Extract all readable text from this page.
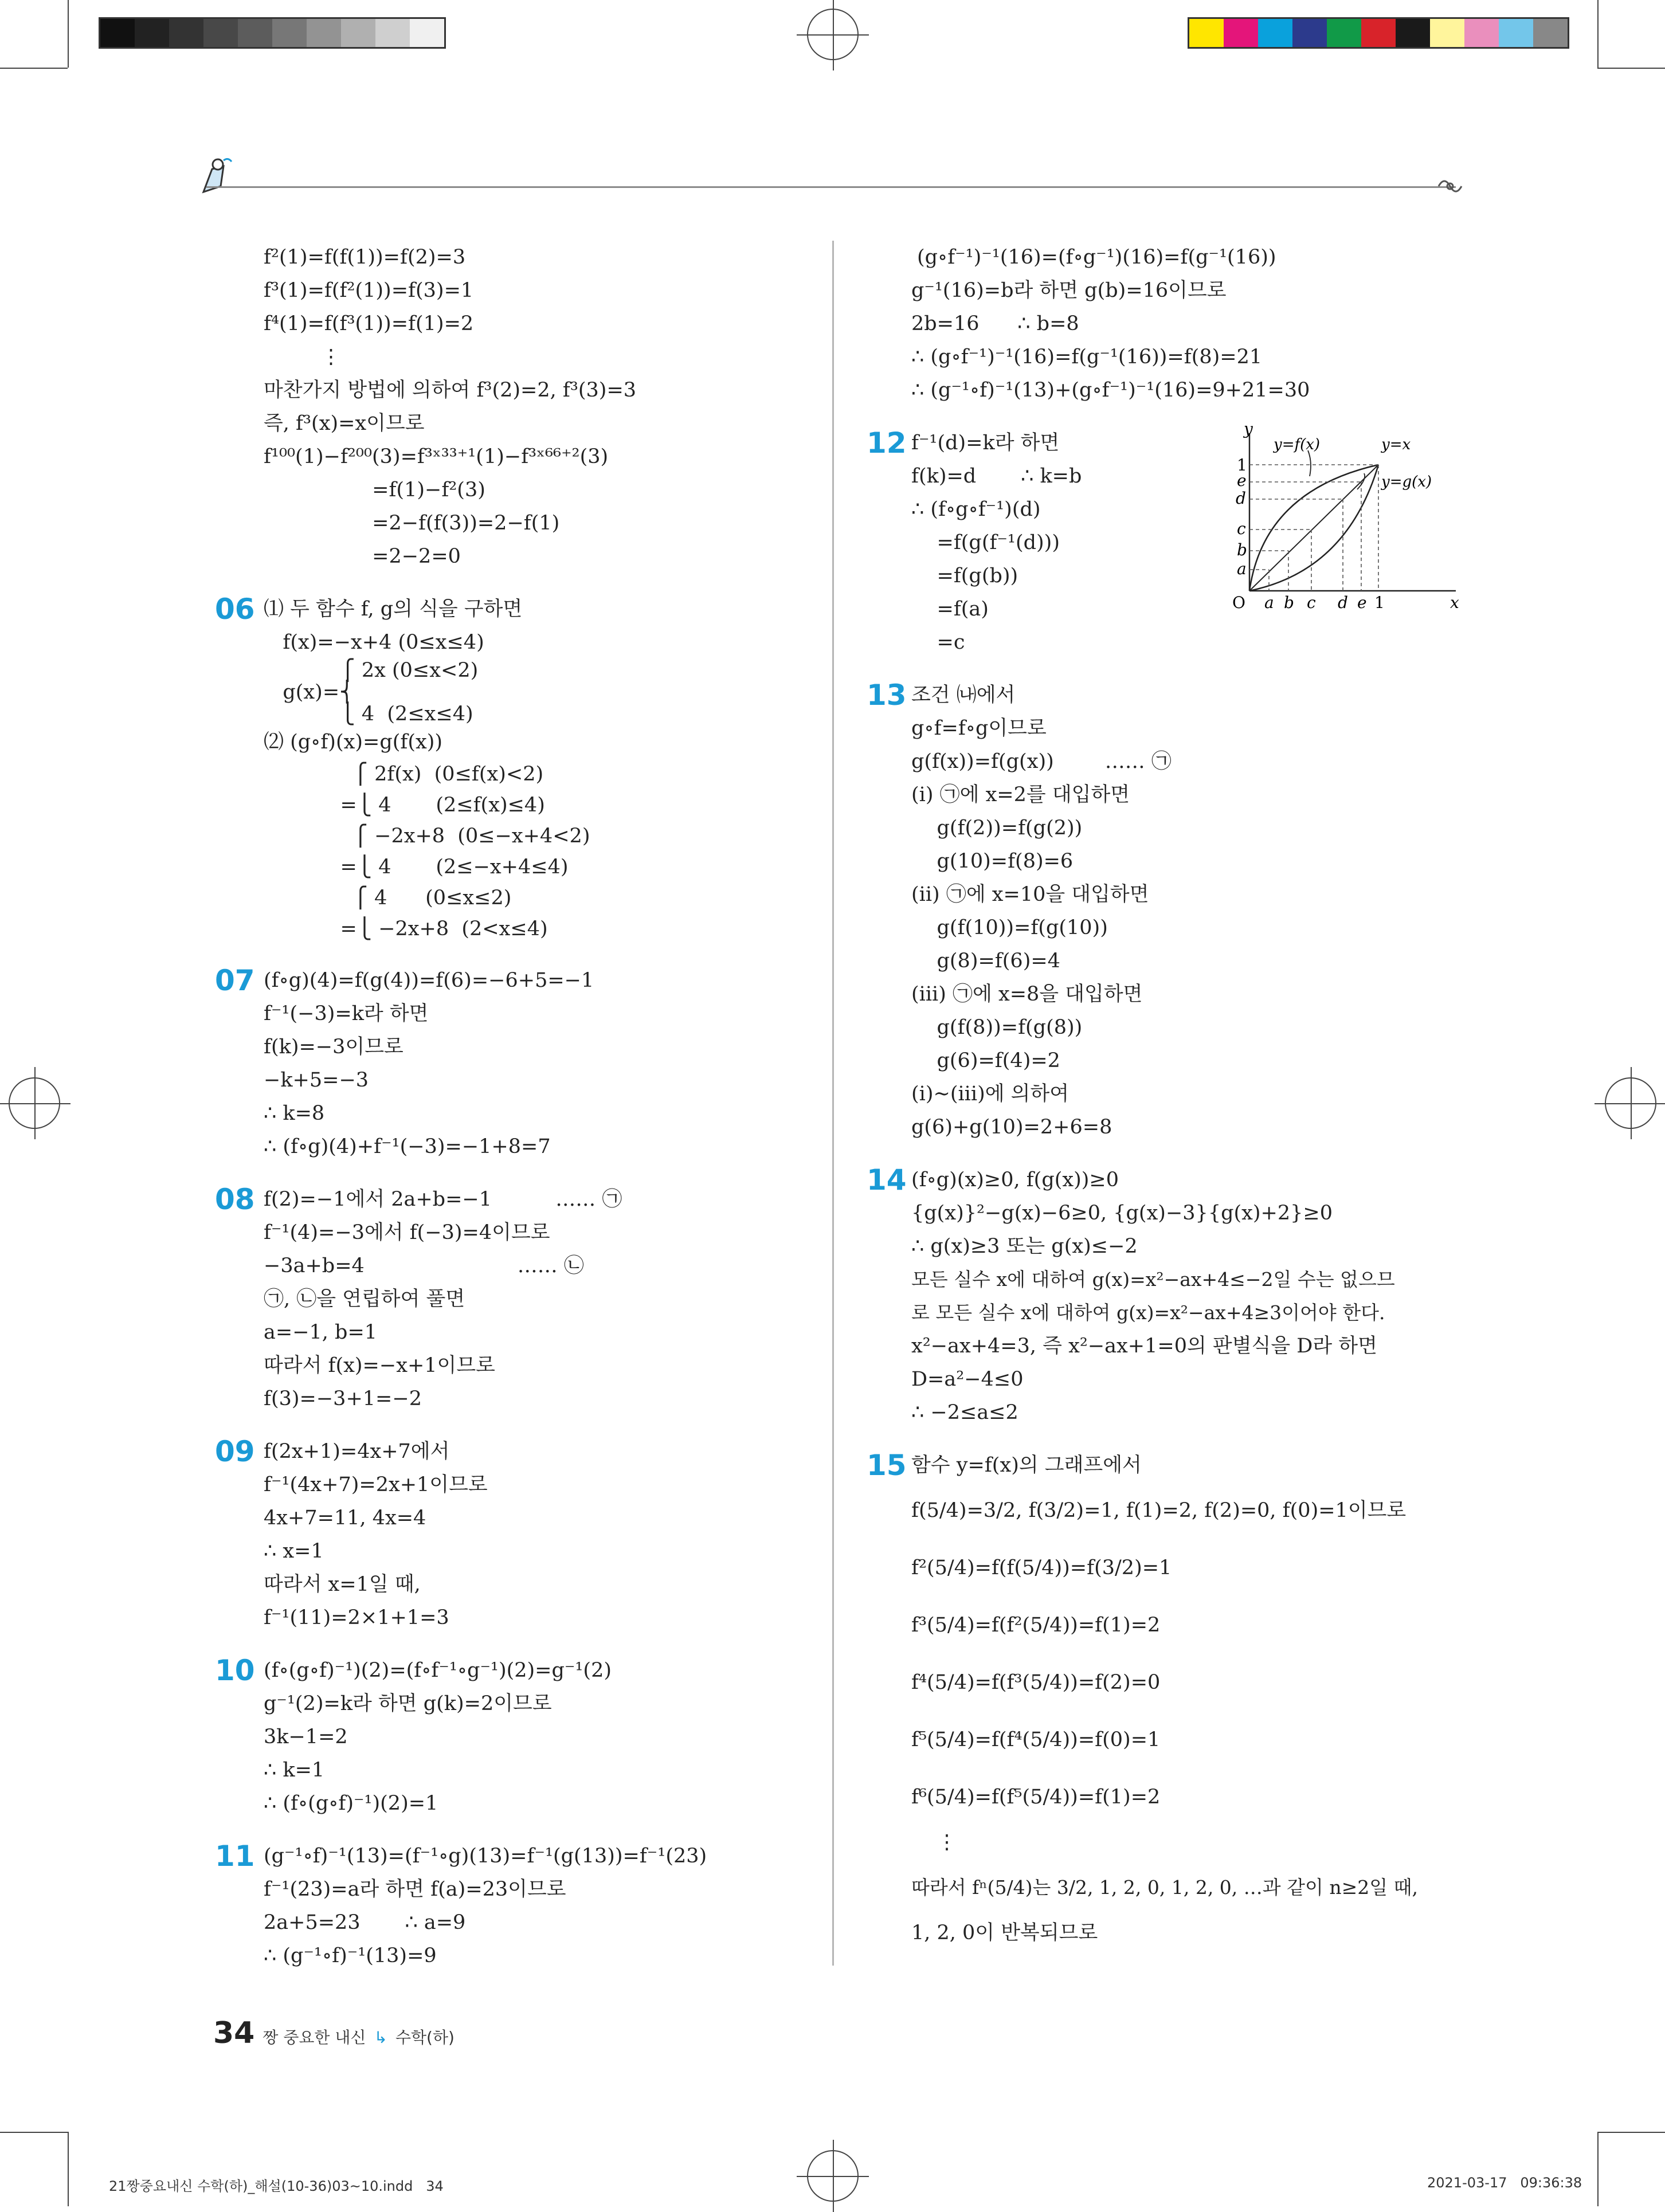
f²(1)=f(f(1))=f(2)=3
f³(1)=f(f²(1))=f(3)=1
f⁴(1)=f(f³(1))=f(1)=2
⋮
마찬가지 방법에 의하여 f³(2)=2, f³(3)=3
즉, f³(x)=x이므로
f¹⁰⁰(1)−f²⁰⁰(3)=f³ˣ³³⁺¹(1)−f³ˣ⁶⁶⁺²(3)
=f(1)−f²(3)
=2−f(f(3))=2−f(1)
=2−2=0
06 ⑴ 두 함수 f, g의 식을 구하면
f(x)=−x+4 (0≤x≤4)
⎧ 2x (0≤x<2)
g(x)=⎨
⎩ 4  (2≤x≤4)
⑵ (g∘f)(x)=g(f(x))
⎧ 2f(x)  (0≤f(x)<2)
=⎩ 4       (2≤f(x)≤4)
⎧ −2x+8  (0≤−x+4<2)
=⎩ 4       (2≤−x+4≤4)
⎧ 4      (0≤x≤2)
=⎩ −2x+8  (2<x≤4)
07 (f∘g)(4)=f(g(4))=f(6)=−6+5=−1
f⁻¹(−3)=k라 하면
f(k)=−3이므로
−k+5=−3
∴ k=8
∴ (f∘g)(4)+f⁻¹(−3)=−1+8=7
08 f(2)=−1에서 2a+b=−1          …… ㉠
f⁻¹(4)=−3에서 f(−3)=4이므로
−3a+b=4                        …… ㉡
㉠, ㉡을 연립하여 풀면
a=−1, b=1
따라서 f(x)=−x+1이므로
f(3)=−3+1=−2
09 f(2x+1)=4x+7에서
f⁻¹(4x+7)=2x+1이므로
4x+7=11, 4x=4
∴ x=1
따라서 x=1일 때,
f⁻¹(11)=2×1+1=3
10 (f∘(g∘f)⁻¹)(2)=(f∘f⁻¹∘g⁻¹)(2)=g⁻¹(2)
g⁻¹(2)=k라 하면 g(k)=2이므로
3k−1=2
∴ k=1
∴ (f∘(g∘f)⁻¹)(2)=1
11 (g⁻¹∘f)⁻¹(13)=(f⁻¹∘g)(13)=f⁻¹(g(13))=f⁻¹(23)
f⁻¹(23)=a라 하면 f(a)=23이므로
2a+5=23       ∴ a=9
∴ (g⁻¹∘f)⁻¹(13)=9
(g∘f⁻¹)⁻¹(16)=(f∘g⁻¹)(16)=f(g⁻¹(16))
g⁻¹(16)=b라 하면 g(b)=16이므로
2b=16      ∴ b=8
∴ (g∘f⁻¹)⁻¹(16)=f(g⁻¹(16))=f(8)=21
∴ (g⁻¹∘f)⁻¹(13)+(g∘f⁻¹)⁻¹(16)=9+21=30
12 f⁻¹(d)=k라 하면
f(k)=d       ∴ k=b
∴ (f∘g∘f⁻¹)(d)
=f(g(f⁻¹(d)))
=f(g(b))
=f(a)
=c
y
x
O
y=f(x)	y=x
y=g(x)
1
e
d
c
b
a
a b c d e 1
13 조건 ㈏에서
g∘f=f∘g이므로
g(f(x))=f(g(x))        …… ㉠
(i) ㉠에 x=2를 대입하면
g(f(2))=f(g(2))
g(10)=f(8)=6
(ii) ㉠에 x=10을 대입하면
g(f(10))=f(g(10))
g(8)=f(6)=4
(iii) ㉠에 x=8을 대입하면
g(f(8))=f(g(8))
g(6)=f(4)=2
(i)~(iii)에 의하여
g(6)+g(10)=2+6=8
14 (f∘g)(x)≥0, f(g(x))≥0
{g(x)}²−g(x)−6≥0, {g(x)−3}{g(x)+2}≥0
∴ g(x)≥3 또는 g(x)≤−2
모든 실수 x에 대하여 g(x)=x²−ax+4≤−2일 수는 없으므
로 모든 실수 x에 대하여 g(x)=x²−ax+4≥3이어야 한다.
x²−ax+4=3, 즉 x²−ax+1=0의 판별식을 D라 하면
D=a²−4≤0
∴ −2≤a≤2
15 함수 y=f(x)의 그래프에서
f(5/4)=3/2, f(3/2)=1, f(1)=2, f(2)=0, f(0)=1이므로
f²(5/4)=f(f(5/4))=f(3/2)=1
f³(5/4)=f(f²(5/4))=f(1)=2
f⁴(5/4)=f(f³(5/4))=f(2)=0
f⁵(5/4)=f(f⁴(5/4))=f(0)=1
f⁶(5/4)=f(f⁵(5/4))=f(1)=2
⋮
따라서 fⁿ(5/4)는 3/2, 1, 2, 0, 1, 2, 0, …과 같이 n≥2일 때,
1, 2, 0이 반복되므로
34 짱 중요한 내신 ↳ 수학(하)
21짱중요내신 수학(하)_해설(10-36)03~10.indd   34	2021-03-17   09:36:38
